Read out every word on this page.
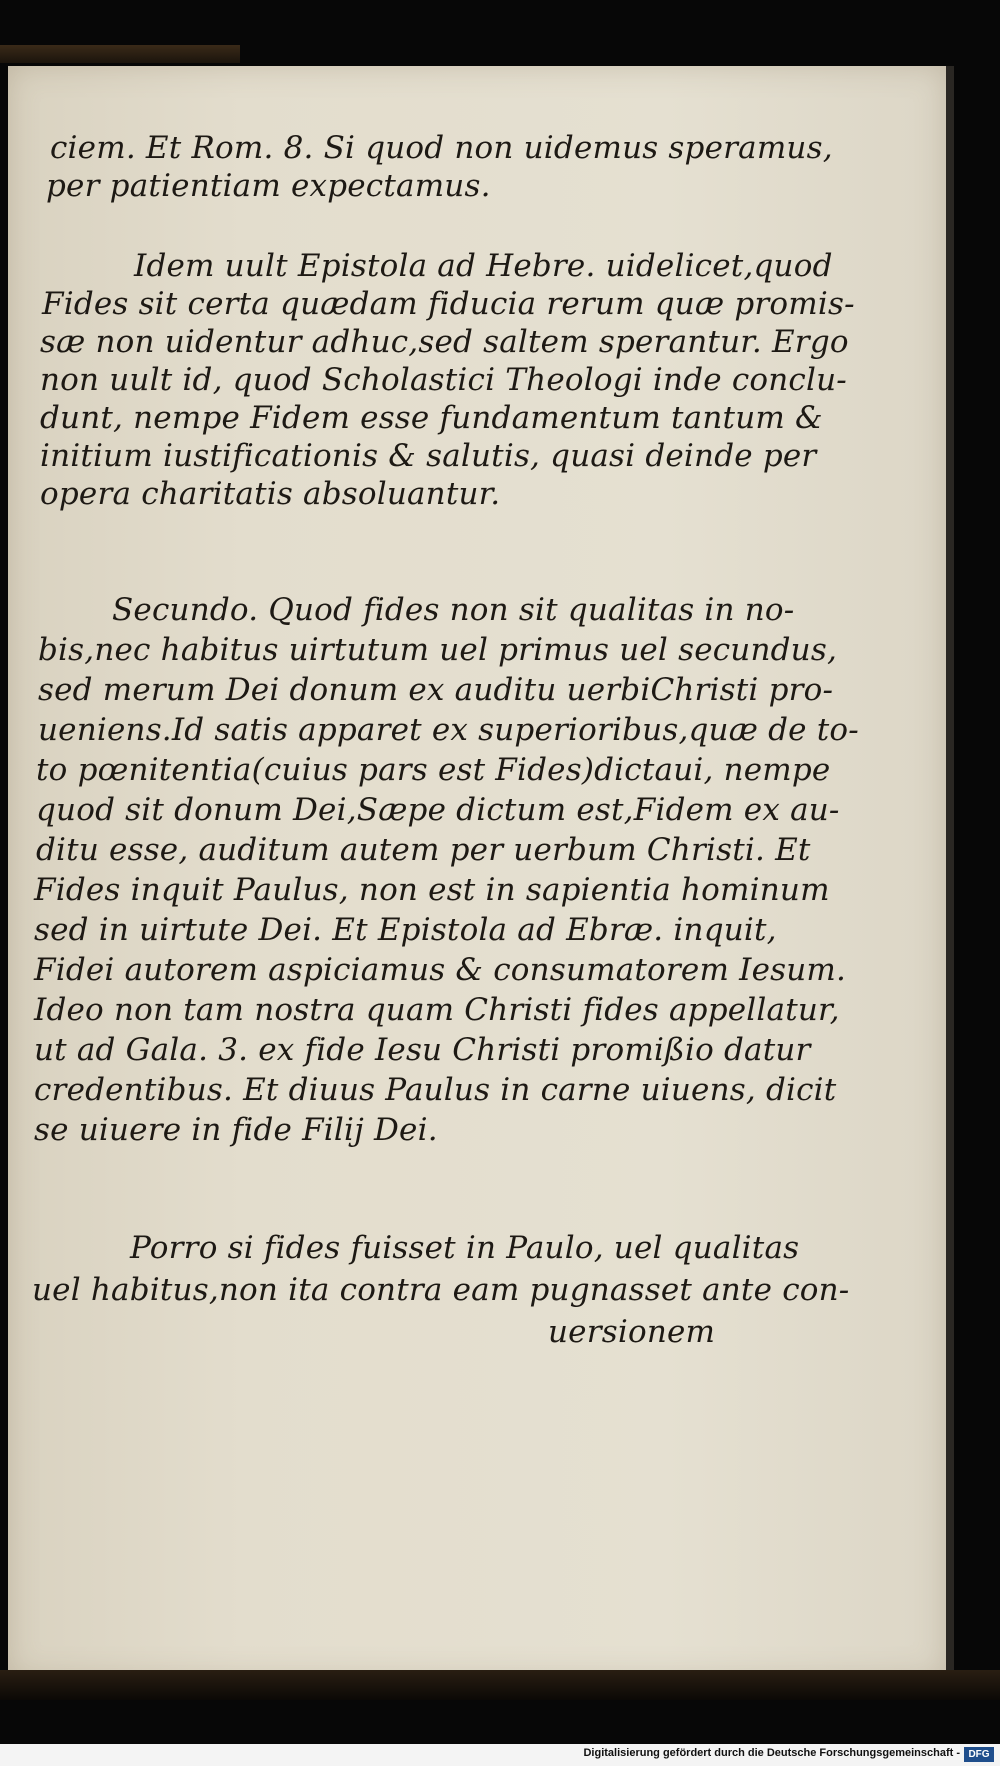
ciem. Et Rom. 8. Si quod non uidemus speramus,

per patientiam expectamus.

Idem uult Epistola ad Hebre. uidelicet,quod

Fides sit certa quædam fiducia rerum quæ promis-

sæ non uidentur adhuc,sed saltem sperantur. Ergo

non uult id, quod Scholastici Theologi inde conclu-

dunt, nempe Fidem esse fundamentum tantum &

initium iustificationis & salutis, quasi deinde per

opera charitatis absoluantur.

Secundo. Quod fides non sit qualitas in no-

bis,nec habitus uirtutum uel primus uel secundus,

sed merum Dei donum ex auditu uerbiChristi pro-

ueniens.Id satis apparet ex superioribus,quæ de to-

to pœnitentia(cuius pars est Fides)dictaui, nempe

quod sit donum Dei,Sæpe dictum est,Fidem ex au-

ditu esse, auditum autem per uerbum Christi. Et

Fides inquit Paulus, non est in sapientia hominum

sed in uirtute Dei. Et Epistola ad Ebræ. inquit,

Fidei autorem aspiciamus & consumatorem Iesum.

Ideo non tam nostra quam Christi fides appellatur,

ut ad Gala. 3. ex fide Iesu Christi promißio datur

credentibus. Et diuus Paulus in carne uiuens, dicit

se uiuere in fide Filij Dei.

Porro si fides fuisset in Paulo, uel qualitas

uel habitus,non ita contra eam pugnasset ante con-

uersionem

Digitalisierung gefördert durch die Deutsche Forschungsgemeinschaft - DFG
